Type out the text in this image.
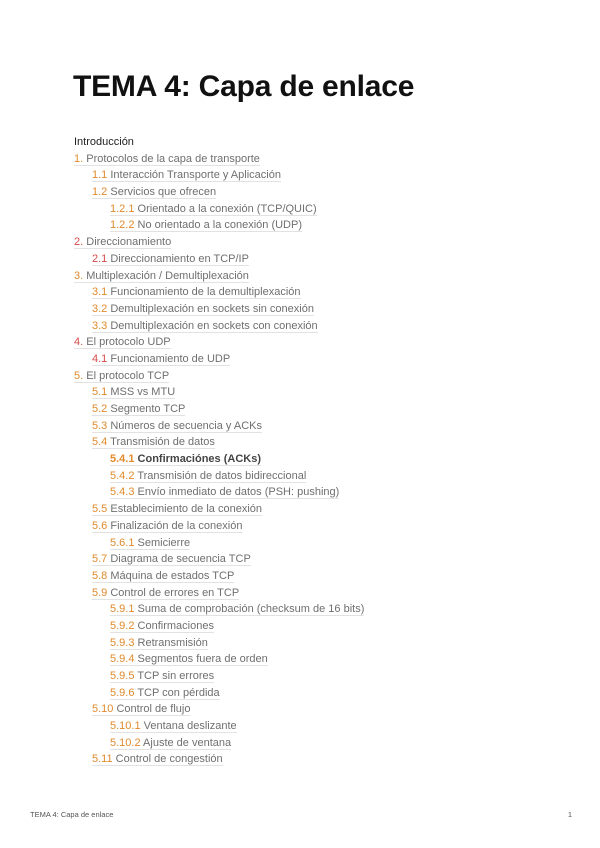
TEMA 4: Capa de enlace
Introducción
1. Protocolos de la capa de transporte
1.1 Interacción Transporte y Aplicación
1.2 Servicios que ofrecen
1.2.1 Orientado a la conexión (TCP/QUIC)
1.2.2 No orientado a la conexión (UDP)
2. Direccionamiento
2.1 Direccionamiento en TCP/IP
3. Multiplexación / Demultiplexación
3.1 Funcionamiento de la demultiplexación
3.2 Demultiplexación en sockets sin conexión
3.3 Demultiplexación en sockets con conexión
4. El protocolo UDP
4.1 Funcionamiento de UDP
5. El protocolo TCP
5.1 MSS vs MTU
5.2 Segmento TCP
5.3 Números de secuencia y ACKs
5.4 Transmisión de datos
5.4.1 Confirmaciónes (ACKs)
5.4.2 Transmisión de datos bidireccional
5.4.3 Envío inmediato de datos (PSH: pushing)
5.5 Establecimiento de la conexión
5.6 Finalización de la conexión
5.6.1 Semicierre
5.7 Diagrama de secuencia TCP
5.8 Máquina de estados TCP
5.9 Control de errores en TCP
5.9.1 Suma de comprobación (checksum de 16 bits)
5.9.2 Confirmaciones
5.9.3 Retransmisión
5.9.4 Segmentos fuera de orden
5.9.5 TCP sin errores
5.9.6 TCP con pérdida
5.10 Control de flujo
5.10.1 Ventana deslizante
5.10.2 Ajuste de ventana
5.11 Control de congestión
TEMA 4: Capa de enlace	1
